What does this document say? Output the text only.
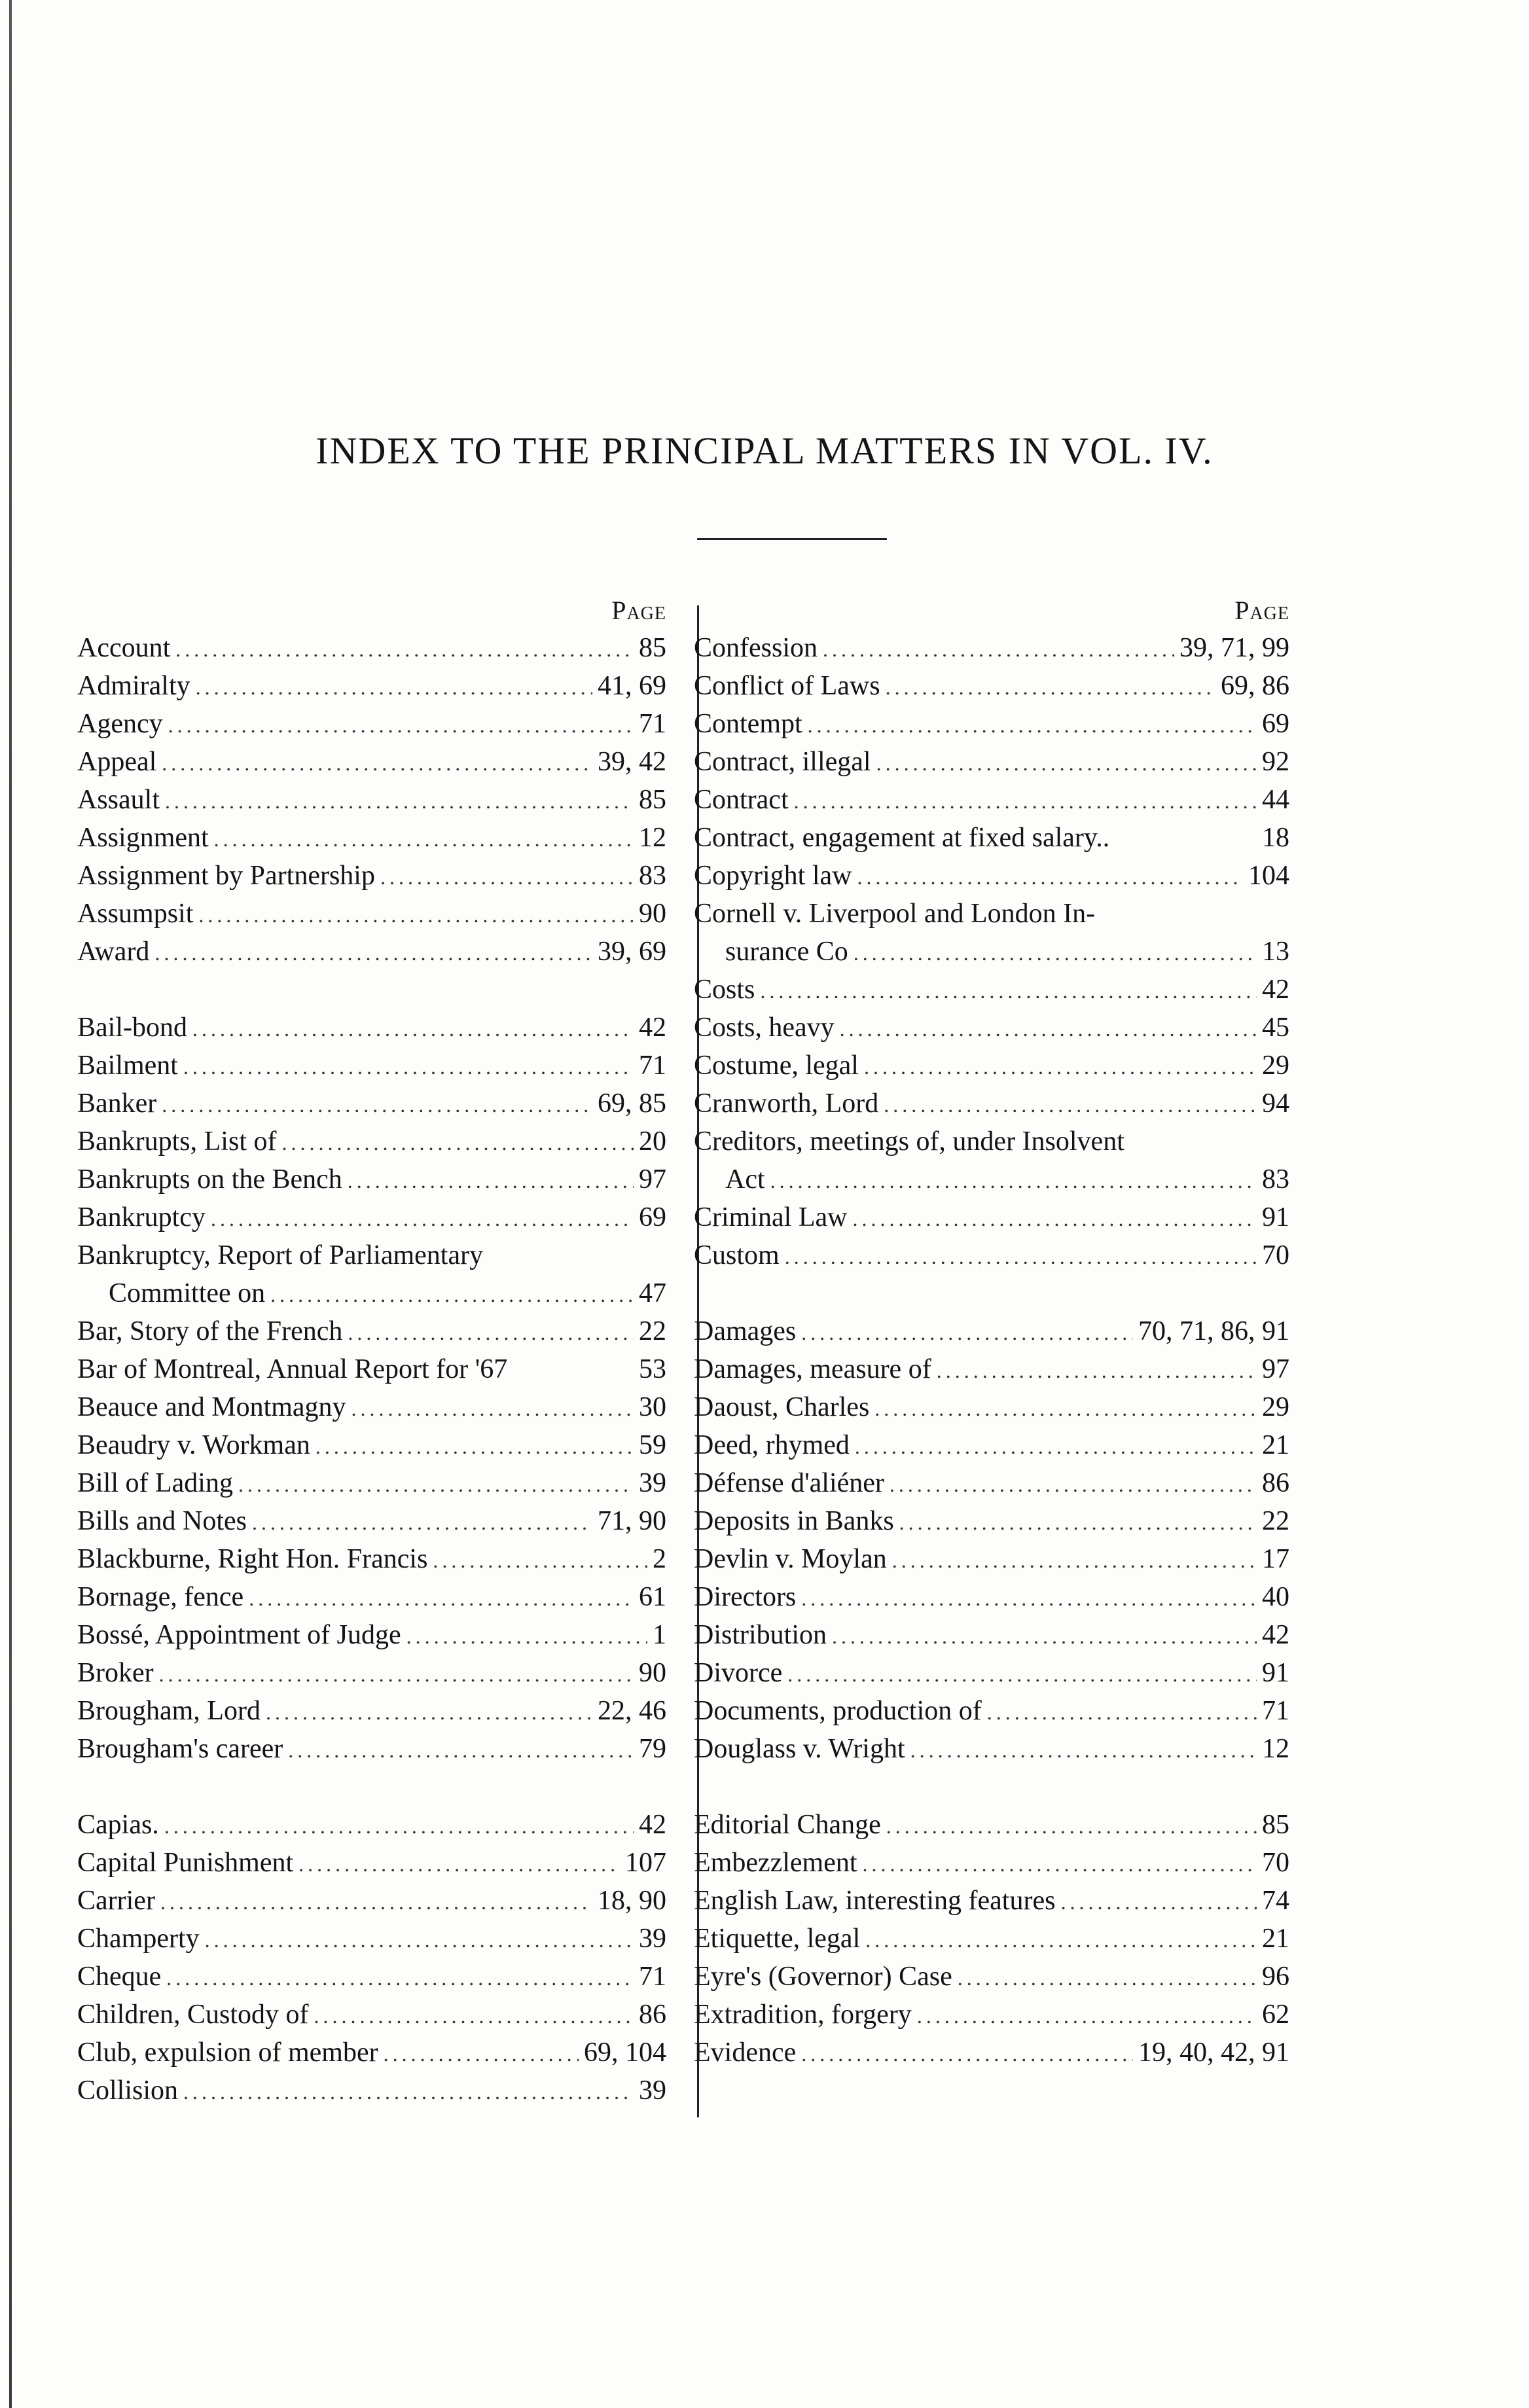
INDEX TO THE PRINCIPAL MATTERS IN VOL. IV.
Page
Account .....	85
Admiralty .....	41, 69
Agency .....	71
Appeal .....	39, 42
Assault .....	85
Assignment .....	12
Assignment by Partnership .....	83
Assumpsit .....	90
Award .....	39, 69
Bail-bond .....	42
Bailment .....	71
Banker .....	69, 85
Bankrupts, List of .....	20
Bankrupts on the Bench .....	97
Bankruptcy .....	69
Bankruptcy, Report of Parliamentary
Committee on .....	47
Bar, Story of the French .....	22
Bar of Montreal, Annual Report for '67	53
Beauce and Montmagny .....	30
Beaudry v. Workman .....	59
Bill of Lading .....	39
Bills and Notes .....	71, 90
Blackburne, Right Hon. Francis .....	2
Bornage, fence .....	61
Bossé, Appointment of Judge .....	1
Broker .....	90
Brougham, Lord .....	22, 46
Brougham's career .....	79
Capias. .....	42
Capital Punishment .....	107
Carrier .....	18, 90
Champerty .....	39
Cheque .....	71
Children, Custody of .....	86
Club, expulsion of member .....	69, 104
Collision .....	39
Page
Confession .....	39, 71, 99
Conflict of Laws .....	69, 86
Contempt .....	69
Contract, illegal .....	92
Contract .....	44
Contract, engagement at fixed salary..	18
Copyright law .....	104
Cornell v. Liverpool and London In-
surance Co .....	13
Costs .....	42
Costs, heavy .....	45
Costume, legal .....	29
Cranworth, Lord .....	94
Creditors, meetings of, under Insolvent
Act .....	83
Criminal Law .....	91
Custom .....	70
Damages .....	70, 71, 86, 91
Damages, measure of .....	97
Daoust, Charles .....	29
Deed, rhymed .....	21
Défense d'aliéner .....	86
Deposits in Banks .....	22
Devlin v. Moylan .....	17
Directors .....	40
Distribution .....	42
Divorce .....	91
Documents, production of .....	71
Douglass v. Wright .....	12
Editorial Change .....	85
Embezzlement .....	70
English Law, interesting features .....	74
Etiquette, legal .....	21
Eyre's (Governor) Case .....	96
Extradition, forgery .....	62
Evidence .....	19, 40, 42, 91
